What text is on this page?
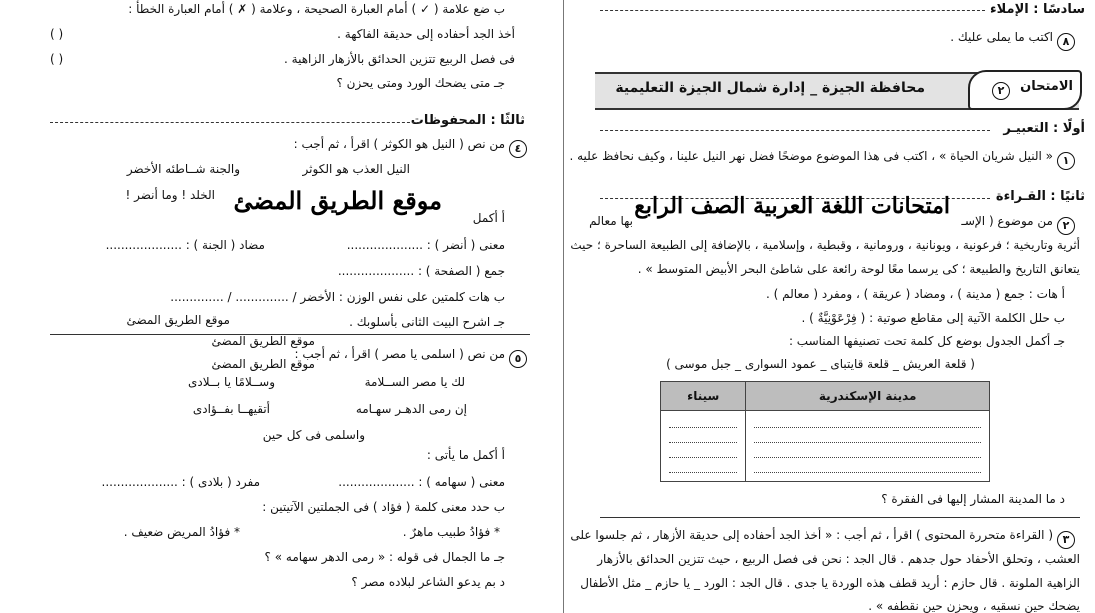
ب ضع علامة ( ✓ ) أمام العبارة الصحيحة ، وعلامة ( ✗ ) أمام العبارة الخطأ :
أخذ الجد أحفاده إلى حديقة الفاكهة .
( )
فى فصل الربيع تتزين الحدائق بالأزهار الزاهية .
( )
جـ متى يضحك الورد ومتى يحزن ؟
ثالثًا : المحفوظات
٤
من نص ( النيل هو الكوثر ) اقرأ ، ثم أجب :
النيل العذب هو الكوثر
والجنة شــاطئه الأخضر
الخلد ! وما أنضر ! موقع الطريق المضئ
أ أكمل
معنى ( أنضر ) : ....................
مضاد ( الجنة ) : ....................
جمع ( الصفحة ) : ....................
ب هات كلمتين على نفس الوزن : الأخضر / .............. / ..............
جـ اشرح البيت الثانى بأسلوبك .
موقع الطريق المضئ
موقع الطريق المضئ
موقع الطريق المضئ	٥
من نص ( اسلمى يا مصر ) اقرأ ، ثم أجب :
لك يا مصر الســلامة
وســلامًا يا بــلادى
إن رمى الدهـر سهـامه
أتقيهــا بفــؤادى
واسلمى فى كل حين
أ أكمل ما يأتى :
معنى ( سهامه ) : ....................
مفرد ( بلادى ) : ....................
ب حدد معنى كلمة ( فؤاد ) فى الجملتين الآتيتين :
* فؤادُ طبيب ماهرٌ .
* فؤادُ المريض ضعيف .
جـ ما الجمال فى قوله : « رمى الدهر سهامه » ؟
د بم يدعو الشاعر لبلاده مصر ؟
سادسًا : الإملاء
٨
اكتب ما يملى عليك .
محافظة الجيزة _ إدارة شمال الجيزة التعليمية	الامتحان
٢
أولًا : التعبيـر
١
« النيل شريان الحياة » ، اكتب فى هذا الموضوع موضحًا فضل نهر النيل علينا ، وكيف نحافظ عليه .
ثانيًا : القـراءة
امتحانات اللغة العربية الصف الرابع
٢
من موضوع ( الإسـ
بها معالم
أثرية وتاريخية ؛ فرعونية ، ويونانية ، ورومانية ، وقبطية ، وإسلامية ، بالإضافة إلى الطبيعة الساحرة ؛ حيث
يتعانق التاريخ والطبيعة ؛ كى يرسما معًا لوحة رائعة على شاطئ البحر الأبيض المتوسط » .
أ هات : جمع ( مدينة ) ، ومضاد ( عريقة ) ، ومفرد ( معالم ) .
ب حلل الكلمة الآتية إلى مقاطع صوتية : ( فِرْعَوْنِيَّةٌ ) .
جـ أكمل الجدول بوضع كل كلمة تحت تصنيفها المناسب :
( قلعة العريش _ قلعة قايتباى _ عمود السوارى _ جبل موسى )
مدينة الإسكندرية	سيناء

د ما المدينة المشار إليها فى الفقرة ؟
٣
( القراءة متحررة المحتوى ) اقرأ ، ثم أجب : « أخذ الجد أحفاده إلى حديقة الأزهار ، ثم جلسوا على
العشب ، وتحلق الأحفاد حول جدهم . قال الجد : نحن فى فصل الربيع ، حيث تتزين الحدائق بالأزهار
الزاهية الملونة . قال حازم : أريد قطف هذه الوردة يا جدى . قال الجد : الورد _ يا حازم _ مثل الأطفال
يضحك حين نسقيه ، ويحزن حين نقطفه » .
